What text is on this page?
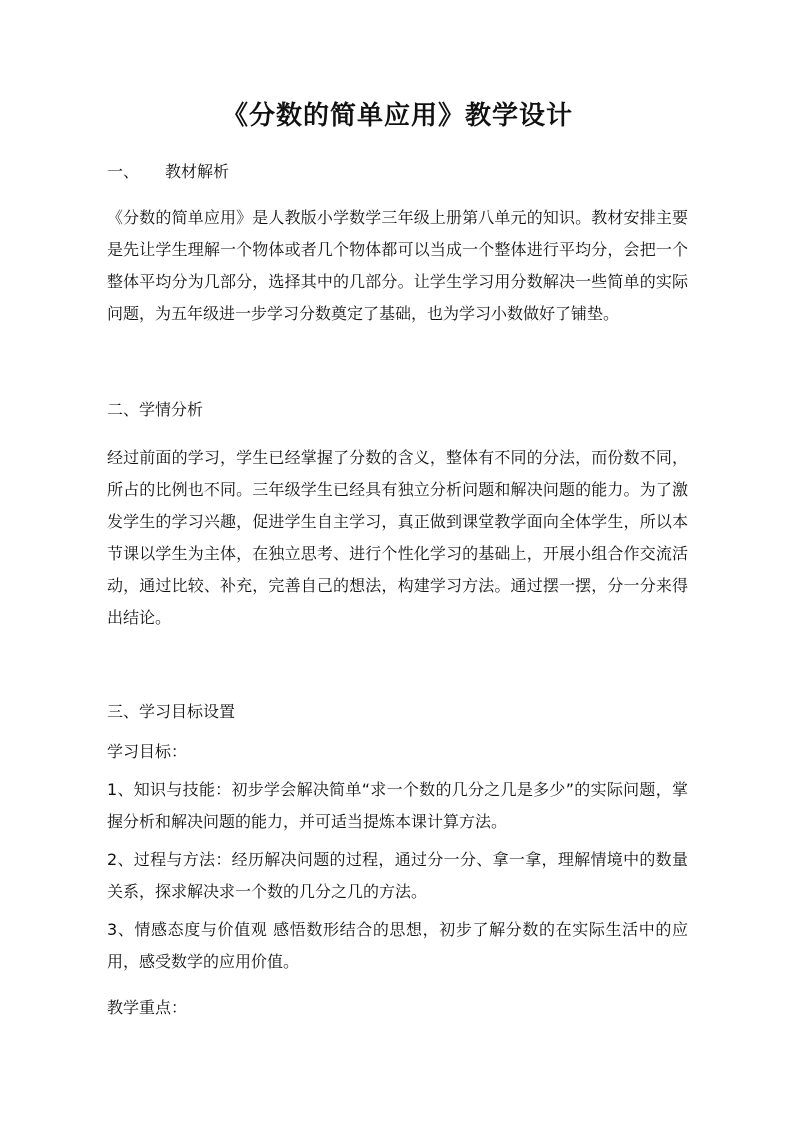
《分数的简单应用》教学设计
一、 教材解析

《分数的简单应用》是人教版小学数学三年级上册第八单元的知识。教材安排主要是先让学生理解一个物体或者几个物体都可以当成一个整体进行平均分，会把一个整体平均分为几部分，选择其中的几部分。让学生学习用分数解决一些简单的实际问题，为五年级进一步学习分数奠定了基础，也为学习小数做好了铺垫。

二、学情分析

经过前面的学习，学生已经掌握了分数的含义，整体有不同的分法，而份数不同，所占的比例也不同。三年级学生已经具有独立分析问题和解决问题的能力。为了激发学生的学习兴趣，促进学生自主学习，真正做到课堂教学面向全体学生，所以本节课以学生为主体，在独立思考、进行个性化学习的基础上，开展小组合作交流活动，通过比较、补充，完善自己的想法，构建学习方法。通过摆一摆，分一分来得出结论。

三、学习目标设置

学习目标：

1、知识与技能：初步学会解决简单“求一个数的几分之几是多少”的实际问题，掌握分析和解决问题的能力，并可适当提炼本课计算方法。

2、过程与方法：经历解决问题的过程，通过分一分、拿一拿，理解情境中的数量关系，探求解决求一个数的几分之几的方法。

3、情感态度与价值观 感悟数形结合的思想，初步了解分数的在实际生活中的应用，感受数学的应用价值。

教学重点：
